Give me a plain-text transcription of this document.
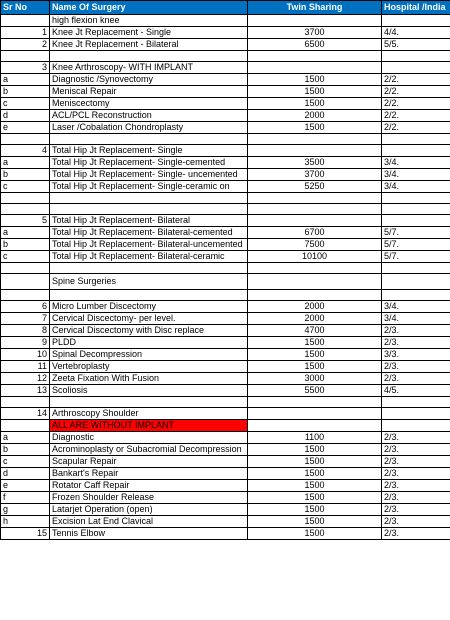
Sr No	Name Of Surgery	Twin Sharing	Hospital /India
	high flexion knee		
1	Knee Jt Replacement - Single	3700	4/4.
2	Knee Jt Replacement - Bilateral	6500	5/5.

3	Knee Arthroscopy- WITH IMPLANT		
a	Diagnostic /Synovectomy	1500	2/2.
b	Meniscal Repair	1500	2/2.
c	Meniscectomy	1500	2/2.
d	ACL/PCL Reconstruction	2000	2/2.
e	Laser /Cobalation Chondroplasty	1500	2/2.

4	Total Hip Jt Replacement- Single		
a	Total Hip Jt Replacement- Single-cemented	3500	3/4.
b	Total Hip Jt Replacement- Single- uncemented	3700	3/4.
c	Total Hip Jt Replacement- Single-ceramic on	5250	3/4.

5	Total Hip Jt Replacement- Bilateral		
a	Total Hip Jt Replacement- Bilateral-cemented	6700	5/7.
b	Total Hip Jt Replacement- Bilateral-uncemented	7500	5/7.
c	Total Hip Jt Replacement- Bilateral-ceramic	10100	5/7.

	Spine Surgeries		

6	Micro Lumber Discectomy	2000	3/4.
7	Cervical Discectomy- per level.	2000	3/4.
8	Cervical Discectomy with Disc replace	4700	2/3.
9	PLDD	1500	2/3.
10	Spinal Decompression	1500	3/3.
11	Vertebroplasty	1500	2/3.
12	Zeeta Fixation With Fusion	3000	2/3.
13	Scoliosis	5500	4/5.

14	Arthroscopy Shoulder		
	ALL ARE WITHOUT IMPLANT		
a	Diagnostic	1100	2/3.
b	Acrominoplasty or Subacromial Decompression	1500	2/3.
c	Scapular Repair	1500	2/3.
d	Bankart's Repair	1500	2/3.
e	Rotator Caff Repair	1500	2/3.
f	Frozen Shoulder Release	1500	2/3.
g	Latarjet Operation (open)	1500	2/3.
h	Excision Lat End Clavical	1500	2/3.
15	Tennis Elbow	1500	2/3.
